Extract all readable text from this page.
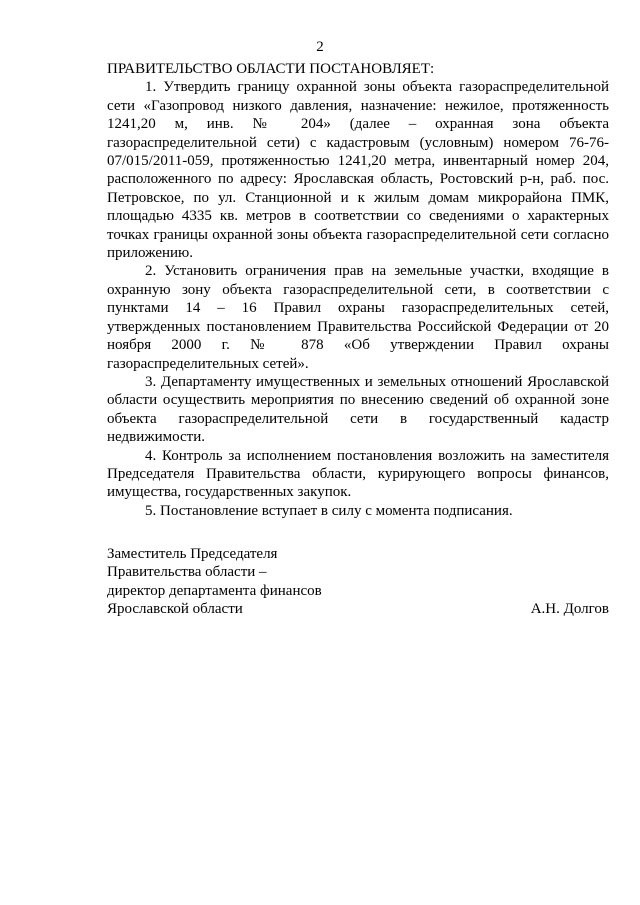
2

ПРАВИТЕЛЬСТВО ОБЛАСТИ ПОСТАНОВЛЯЕТ:

1. Утвердить границу охранной зоны объекта газораспределительной сети «Газопровод низкого давления, назначение: нежилое, протяженность 1241,20 м, инв. № 204» (далее – охранная зона объекта газораспределительной сети) с кадастровым (условным) номером 76-76-07/015/2011-059, протяженностью 1241,20 метра, инвентарный номер 204, расположенного по адресу: Ярославская область, Ростовский р-н, раб. пос. Петровское, по ул. Станционной и к жилым домам микрорайона ПМК, площадью 4335 кв. метров в соответствии со сведениями о характерных точках границы охранной зоны объекта газораспределительной сети согласно приложению.

2. Установить ограничения прав на земельные участки, входящие в охранную зону объекта газораспределительной сети, в соответствии с пунктами 14 – 16 Правил охраны газораспределительных сетей, утвержденных постановлением Правительства Российской Федерации от 20 ноября 2000 г. № 878 «Об утверждении Правил охраны газораспределительных сетей».

3. Департаменту имущественных и земельных отношений Ярославской области осуществить мероприятия по внесению сведений об охранной зоне объекта газораспределительной сети в государственный кадастр недвижимости.

4. Контроль за исполнением постановления возложить на заместителя Председателя Правительства области, курирующего вопросы финансов, имущества, государственных закупок.

5. Постановление вступает в силу с момента подписания.

Заместитель Председателя

Правительства области –

директор департамента финансов

Ярославской области	А.Н. Долгов
